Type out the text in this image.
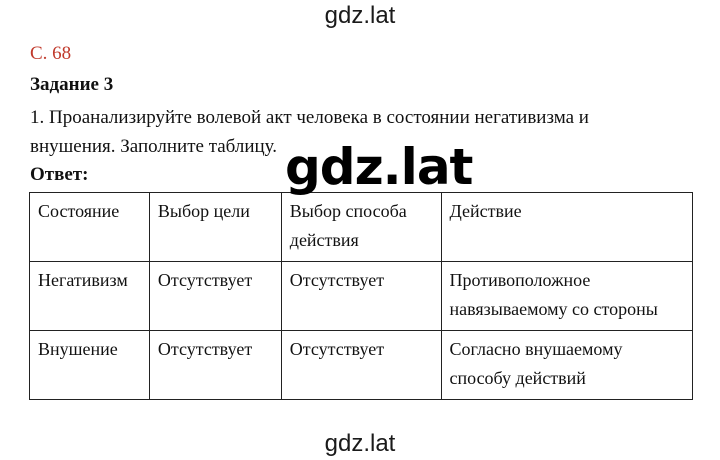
gdz.lat
С. 68
Задание 3
1. Проанализируйте волевой акт человека в состоянии негативизма и внушения. Заполните таблицу.
Ответ:
Состояние	Выбор цели	Выбор способа действия	Действие
Негативизм	Отсутствует	Отсутствует	Противоположное навязываемому со стороны
Внушение	Отсутствует	Отсутствует	Согласно внушаемому способу действий
gdz.lat
gdz.lat
